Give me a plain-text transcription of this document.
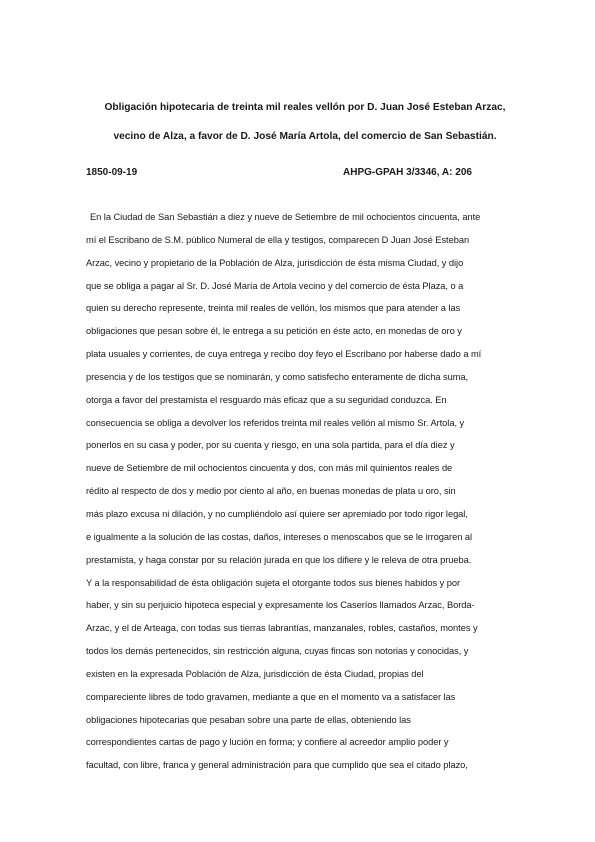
Obligación hipotecaria de treinta mil reales vellón por D. Juan José Esteban Arzac,
vecino de Alza, a favor de D. José María Artola, del comercio de San Sebastián.
1850-09-19	AHPG-GPAH 3/3346, A: 206
En la Ciudad de San Sebastián a diez y nueve de Setiembre de mil ochocientos cincuenta, ante
mí el Escribano de S.M. público Numeral de ella y testigos, comparecen D Juan José Esteban
Arzac, vecino y propietario de la Población de Alza, jurisdicción de ésta misma Ciudad, y dijo
que se obliga a pagar al Sr. D. José María de Artola vecino y del comercio de ésta Plaza, o a
quien su derecho represente, treinta mil reales de vellón, los mismos que para atender a las
obligaciones que pesan sobre él, le entrega a su petición en éste acto, en monedas de oro y
plata usuales y corrientes, de cuya entrega y recibo doy feyo el Escribano por haberse dado a mí
presencia y de los testigos que se nominarán, y como satisfecho enteramente de dicha suma,
otorga a favor del prestamista el resguardo más eficaz que a su seguridad conduzca. En
consecuencia se obliga a devolver los referidos treinta mil reales vellón al mismo Sr. Artola, y
ponerlos en su casa y poder, por su cuenta y riesgo, en una sola partida, para el día diez y
nueve de Setiembre de mil ochocientos cincuenta y dos, con más mil quinientos reales de
rédito al respecto de dos y medio por ciento al año, en buenas monedas de plata u oro, sin
más plazo excusa ni dilación, y no cumpliéndolo así quiere ser apremiado por todo rigor legal,
e igualmente a la solución de las costas, daños, intereses o menoscabos que se le irrogaren al
prestamista, y haga constar por su relación jurada en que los difiere y le releva de otra prueba.
Y a la responsabilidad de ésta obligación sujeta el otorgante todos sus bienes habidos y por
haber, y sin su perjuicio hipoteca especial y expresamente los Caseríos llamados Arzac, Borda-
Arzac, y el de Arteaga, con todas sus tierras labrantías, manzanales, robles, castaños, montes y
todos los demás pertenecidos, sin restricción alguna, cuyas fincas son notorias y conocidas, y
existen en la expresada Población de Alza, jurisdicción de ésta Ciudad, propias del
compareciente libres de todo gravamen, mediante a que en el momento va a satisfacer las
obligaciones hipotecarias que pesaban sobre una parte de ellas, obteniendo las
correspondientes cartas de pago y lución en forma; y confiere al acreedor amplio poder y
facultad, con libre, franca y general administración para que cumplido que sea el citado plazo,
